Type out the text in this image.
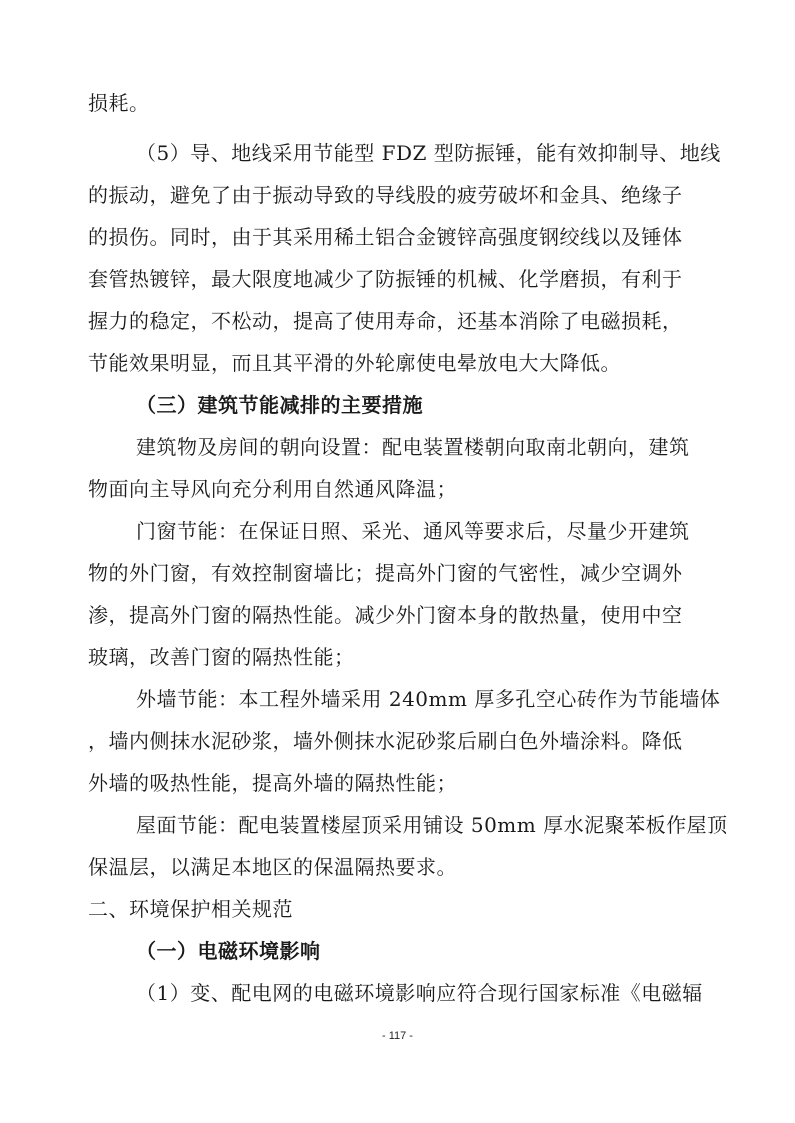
损耗。
（5）导、地线采用节能型 FDZ 型防振锤，能有效抑制导、地线
的振动，避免了由于振动导致的导线股的疲劳破坏和金具、绝缘子
的损伤。同时，由于其采用稀土铝合金镀锌高强度钢绞线以及锤体
套管热镀锌，最大限度地减少了防振锤的机械、化学磨损，有利于
握力的稳定，不松动，提高了使用寿命，还基本消除了电磁损耗，
节能效果明显，而且其平滑的外轮廓使电晕放电大大降低。
（三）建筑节能减排的主要措施
建筑物及房间的朝向设置：配电装置楼朝向取南北朝向，建筑
物面向主导风向充分利用自然通风降温；
门窗节能：在保证日照、采光、通风等要求后，尽量少开建筑
物的外门窗，有效控制窗墙比；提高外门窗的气密性，减少空调外
渗，提高外门窗的隔热性能。减少外门窗本身的散热量，使用中空
玻璃，改善门窗的隔热性能；
外墙节能：本工程外墙采用 240mm 厚多孔空心砖作为节能墙体
，墙内侧抹水泥砂浆，墙外侧抹水泥砂浆后刷白色外墙涂料。降低
外墙的吸热性能，提高外墙的隔热性能；
屋面节能：配电装置楼屋顶采用铺设 50mm 厚水泥聚苯板作屋顶
保温层，以满足本地区的保温隔热要求。
二、环境保护相关规范
（一）电磁环境影响
（1）变、配电网的电磁环境影响应符合现行国家标准《电磁辐
- 117 -
